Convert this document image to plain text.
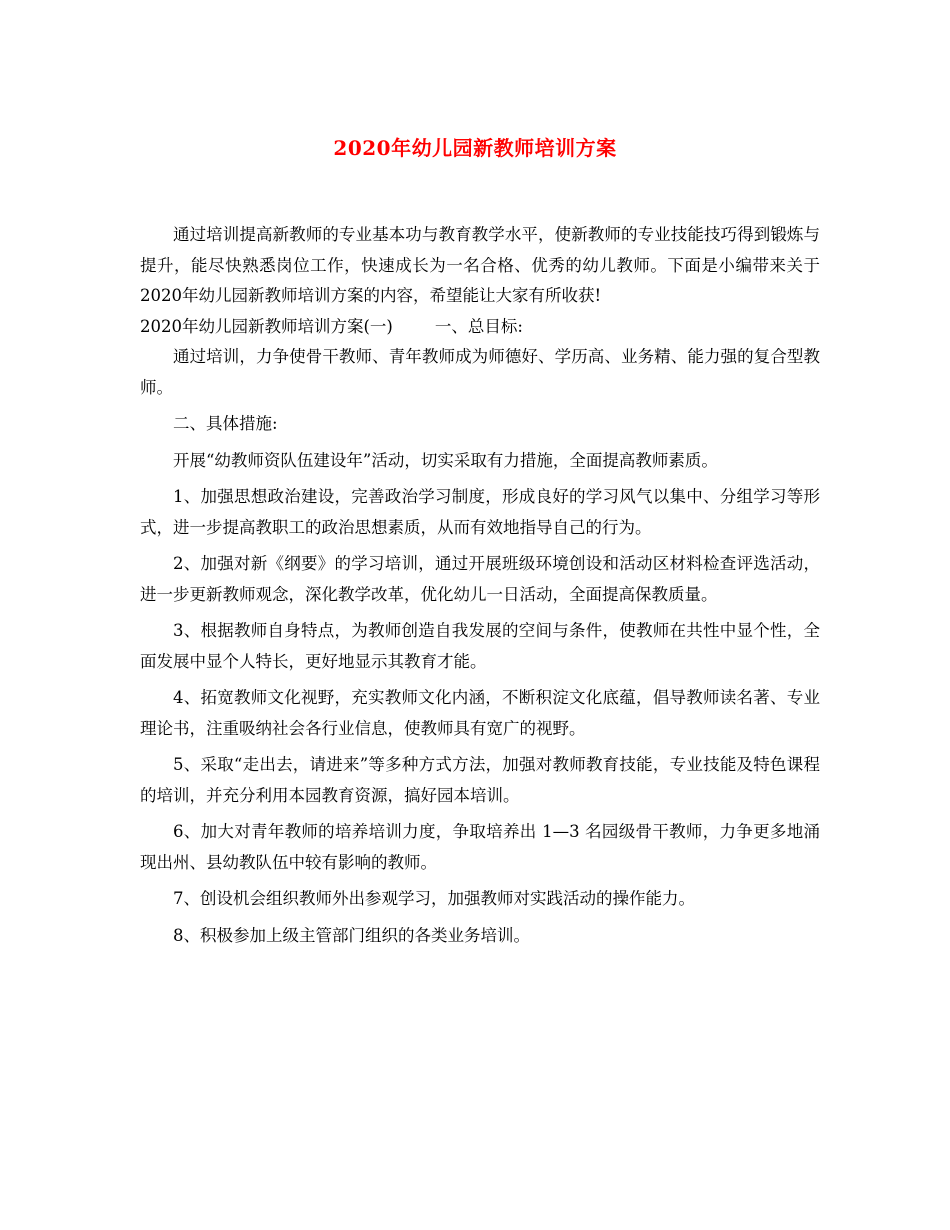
2020年幼儿园新教师培训方案

通过培训提高新教师的专业基本功与教育教学水平，使新教师的专业技能技巧得到锻炼与提升，能尽快熟悉岗位工作，快速成长为一名合格、优秀的幼儿教师。下面是小编带来关于2020年幼儿园新教师培训方案的内容，希望能让大家有所收获!

2020年幼儿园新教师培训方案(一)        一、总目标:

通过培训，力争使骨干教师、青年教师成为师德好、学历高、业务精、能力强的复合型教师。

二、具体措施:

开展“幼教师资队伍建设年”活动，切实采取有力措施，全面提高教师素质。

1、加强思想政治建设，完善政治学习制度，形成良好的学习风气以集中、分组学习等形式，进一步提高教职工的政治思想素质，从而有效地指导自己的行为。

2、加强对新《纲要》的学习培训，通过开展班级环境创设和活动区材料检查评选活动，进一步更新教师观念，深化教学改革，优化幼儿一日活动，全面提高保教质量。

3、根据教师自身特点，为教师创造自我发展的空间与条件，使教师在共性中显个性，全面发展中显个人特长，更好地显示其教育才能。

4、拓宽教师文化视野，充实教师文化内涵，不断积淀文化底蕴，倡导教师读名著、专业理论书，注重吸纳社会各行业信息，使教师具有宽广的视野。

5、采取“走出去，请进来”等多种方式方法，加强对教师教育技能，专业技能及特色课程的培训，并充分利用本园教育资源，搞好园本培训。

6、加大对青年教师的培养培训力度，争取培养出 1—3 名园级骨干教师，力争更多地涌现出州、县幼教队伍中较有影响的教师。

7、创设机会组织教师外出参观学习，加强教师对实践活动的操作能力。

8、积极参加上级主管部门组织的各类业务培训。
